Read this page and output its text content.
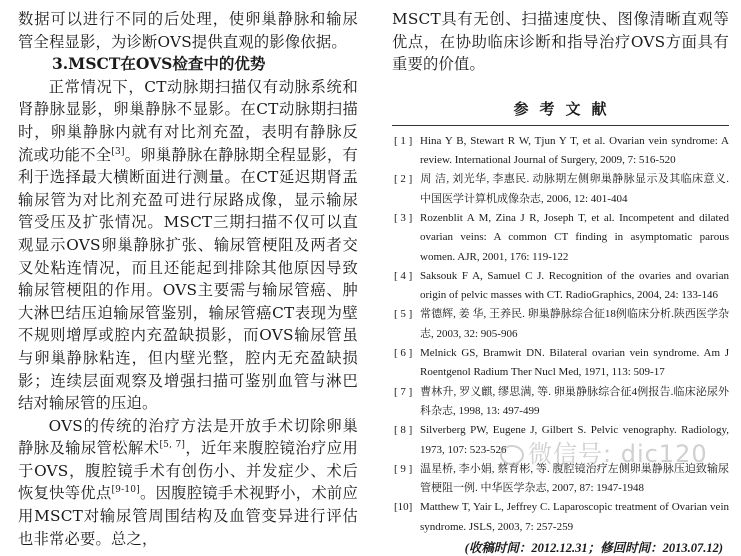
数据可以进行不同的后处理，使卵巢静脉和输尿管全程显影，为诊断OVS提供直观的影像依据。

3.MSCT在OVS检查中的优势

正常情况下，CT动脉期扫描仅有动脉系统和肾静脉显影，卵巢静脉不显影。在CT动脉期扫描时，卵巢静脉内就有对比剂充盈，表明有静脉反流或功能不全[3]。卵巢静脉在静脉期全程显影，有利于选择最大横断面进行测量。在CT延迟期肾盂输尿管为对比剂充盈可进行尿路成像，显示输尿管受压及扩张情况。MSCT三期扫描不仅可以直观显示OVS卵巢静脉扩张、输尿管梗阻及两者交叉处粘连情况，而且还能起到排除其他原因导致输尿管梗阻的作用。OVS主要需与输尿管癌、肿大淋巴结压迫输尿管鉴别，输尿管癌CT表现为壁不规则增厚或腔内充盈缺损影，而OVS输尿管虽与卵巢静脉粘连，但内壁光整，腔内无充盈缺损影；连续层面观察及增强扫描可鉴别血管与淋巴结对输尿管的压迫。

OVS的传统的治疗方法是开放手术切除卵巢静脉及输尿管松解术[5, 7]，近年来腹腔镜治疗应用于OVS，腹腔镜手术有创伤小、并发症少、术后恢复快等优点[9-10]。因腹腔镜手术视野小，术前应用MSCT对输尿管周围结构及血管变异进行评估也非常必要。总之，

MSCT具有无创、扫描速度快、图像清晰直观等优点，在协助临床诊断和指导治疗OVS方面具有重要的价值。

参考文献

[ 1 ] Hina Y B, Stewart R W, Tjun Y T, et al. Ovarian vein syndrome: A review. International Journal of Surgery, 2009, 7: 516-520

[ 2 ] 周 洁, 刘光华, 李惠民. 动脉期左侧卵巢静脉显示及其临床意义. 中国医学计算机成像杂志, 2006, 12: 401-404

[ 3 ] Rozenblit A M, Zina J R, Joseph T, et al. Incompetent and dilated ovarian veins: A common CT finding in asymptomatic parous women. AJR, 2001, 176: 119-122

[ 4 ] Saksouk F A, Samuel C J. Recognition of the ovaries and ovarian origin of pelvic masses with CT. RadioGraphics, 2004, 24: 133-146

[ 5 ] 常德辉, 姜 华, 王养民. 卵巢静脉综合征18例临床分析.陕西医学杂志, 2003, 32: 905-906

[ 6 ] Melnick GS, Bramwit DN. Bilateral ovarian vein syndrome. Am J Roentgenol Radium Ther Nucl Med, 1971, 113: 509-17

[ 7 ] 曹林升, 罗义麒, 缪思满, 等. 卵巢静脉综合征4例报告.临床泌尿外科杂志, 1998, 13: 497-499

[ 8 ] Silverberg PW, Eugene J, Gilbert S. Pelvic venography. Radiology, 1973, 107: 523-526

[ 9 ] 温星桥, 李小娟, 蔡育彬, 等. 腹腔镜治疗左侧卵巢静脉压迫致输尿管梗阻一例. 中华医学杂志, 2007, 87: 1947-1948

[10] Matthew T, Yair L, Jeffrey C. Laparoscopic treatment of Ovarian vein syndrome. JSLS, 2003, 7: 257-259

(收稿时间：2012.12.31；修回时间：2013.07.12)
微信号: dic120
